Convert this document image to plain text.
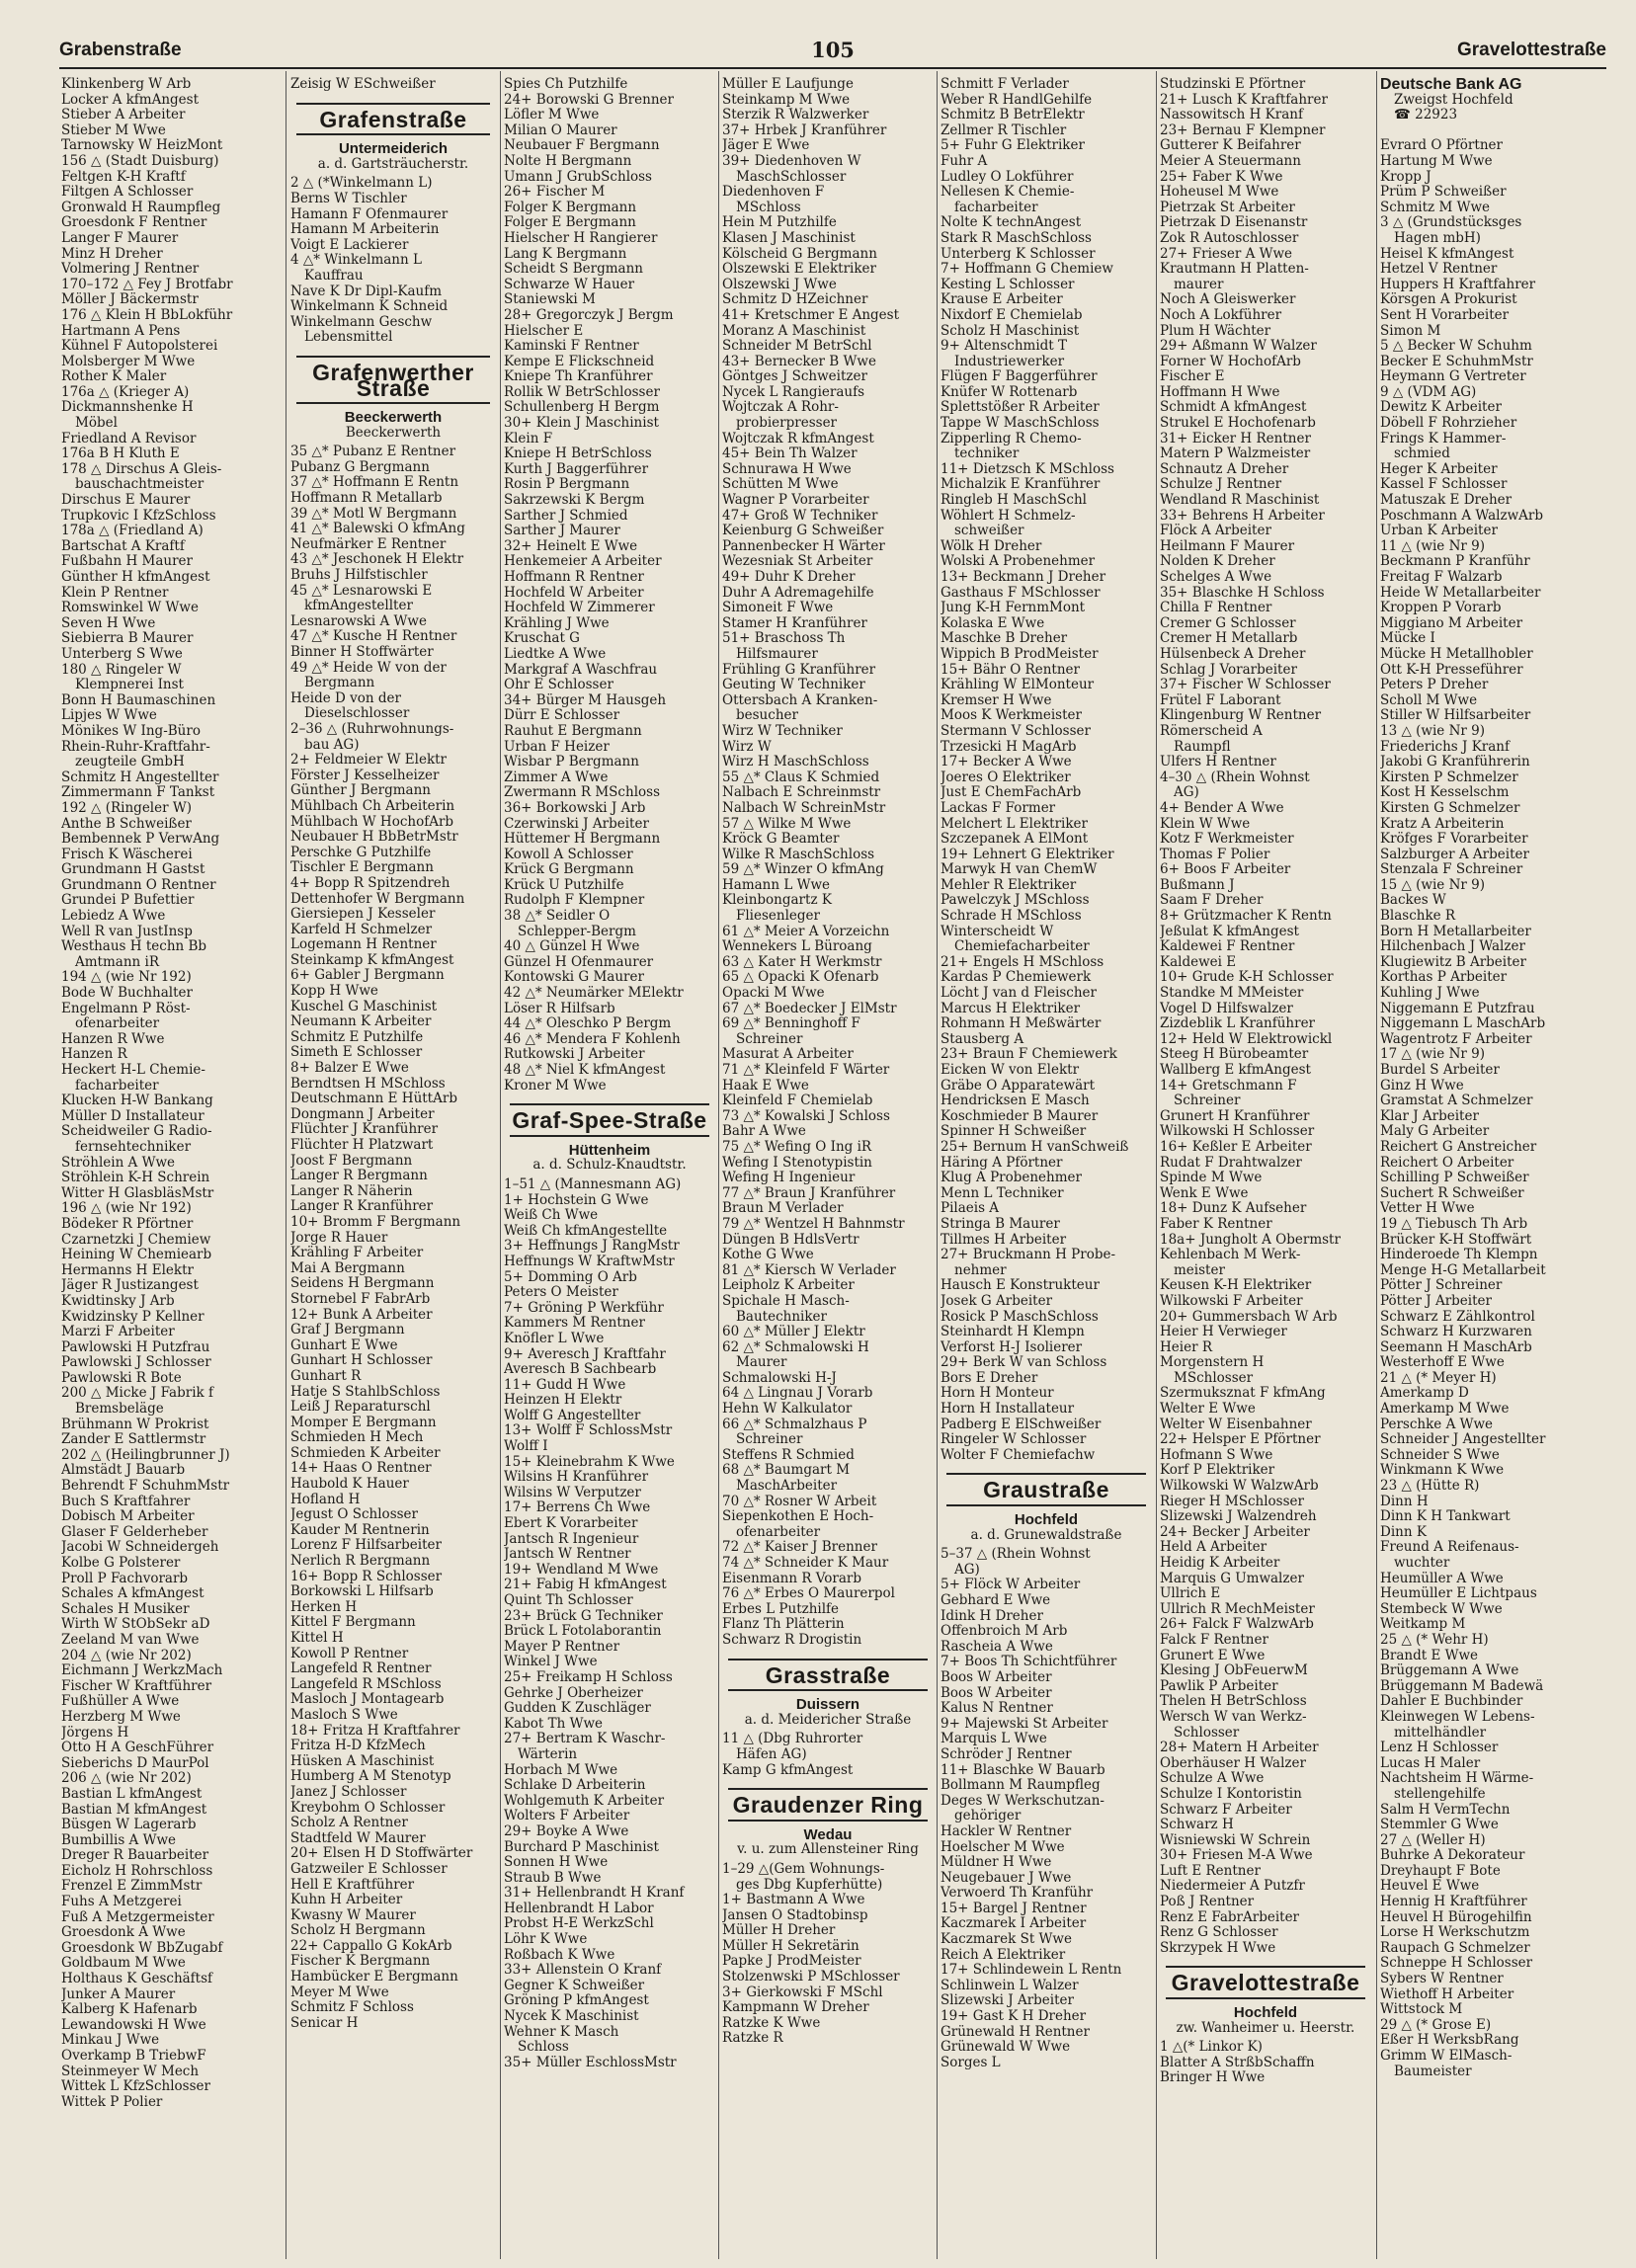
Grabenstraße	105	Gravelottestraße
Klinkenberg W Arb
Locker A kfmAngest
Stieber A Arbeiter
Stieber M Wwe
Tarnowsky W HeizMont
156 △ (Stadt Duisburg)
Feltgen K-H Kraftf
Filtgen A Schlosser
Gronwald H Raumpfleg
Groesdonk F Rentner
Langer F Maurer
Minz H Dreher
Volmering J Rentner
170–172 △ Fey J Brotfabr
Möller J Bäckermstr
176 △ Klein H BbLokführ
Hartmann A Pens
Kühnel F Autopolsterei
Molsberger M Wwe
Rother K Maler
176a △ (Krieger A)
Dickmannshenke H
Möbel
Friedland A Revisor
176a B H Kluth E
178 △ Dirschus A Gleis-
bauschachtmeister
Dirschus E Maurer
Trupkovic I KfzSchloss
178a △ (Friedland A)
Bartschat A Kraftf
Fußbahn H Maurer
Günther H kfmAngest
Klein P Rentner
Romswinkel W Wwe
Seven H Wwe
Siebierra B Maurer
Unterberg S Wwe
180 △ Ringeler W
Klempnerei Inst
Bonn H Baumaschinen
Lipjes W Wwe
Mönikes W Ing-Büro
Rhein-Ruhr-Kraftfahr-
zeugteile GmbH
Schmitz H Angestellter
Zimmermann F Tankst
192 △ (Ringeler W)
Anthe B Schweißer
Bembennek P VerwAng
Frisch K Wäscherei
Grundmann H Gastst
Grundmann O Rentner
Grundei P Bufettier
Lebiedz A Wwe
Well R van JustInsp
Westhaus H techn Bb
Amtmann iR
194 △ (wie Nr 192)
Bode W Buchhalter
Engelmann P Röst-
ofenarbeiter
Hanzen R Wwe
Hanzen R
Heckert H-L Chemie-
facharbeiter
Klucken H-W Bankang
Müller D Installateur
Scheidweiler G Radio-
fernsehtechniker
Ströhlein A Wwe
Ströhlein K-H Schrein
Witter H GlasbläsMstr
196 △ (wie Nr 192)
Bödeker R Pförtner
Czarnetzki J Chemiew
Heining W Chemiearb
Hermanns H Elektr
Jäger R Justizangest
Kwidtinsky J Arb
Kwidzinsky P Kellner
Marzi F Arbeiter
Pawlowski H Putzfrau
Pawlowski J Schlosser
Pawlowski R Bote
200 △ Micke J Fabrik f
Bremsbeläge
Brühmann W Prokrist
Zander E Sattlermstr
202 △ (Heilingbrunner J)
Almstädt J Bauarb
Behrendt F SchuhmMstr
Buch S Kraftfahrer
Dobisch M Arbeiter
Glaser F Gelderheber
Jacobi W Schneidergeh
Kolbe G Polsterer
Proll P Fachvorarb
Schales A kfmAngest
Schales H Musiker
Wirth W StObSekr aD
Zeeland M van Wwe
204 △ (wie Nr 202)
Eichmann J WerkzMach
Fischer W Kraftführer
Fußhüller A Wwe
Herzberg M Wwe
Jörgens H
Otto H A GeschFührer
Sieberichs D MaurPol
206 △ (wie Nr 202)
Bastian L kfmAngest
Bastian M kfmAngest
Büsgen W Lagerarb
Bumbillis A Wwe
Dreger R Bauarbeiter
Eicholz H Rohrschloss
Frenzel E ZimmMstr
Fuhs A Metzgerei
Fuß A Metzgermeister
Groesdonk A Wwe
Groesdonk W BbZugabf
Goldbaum M Wwe
Holthaus K Geschäftsf
Junker A Maurer
Kalberg K Hafenarb
Lewandowski H Wwe
Minkau J Wwe
Overkamp B TriebwF
Steinmeyer W Mech
Wittek L KfzSchlosser
Wittek P Polier
Zeisig W ESchweißer
Grafenstraße
Untermeiderich
a. d. Gartsträucherstr.
2 △ (*Winkelmann L)
Berns W Tischler
Hamann F Ofenmaurer
Hamann M Arbeiterin
Voigt E Lackierer
4 △* Winkelmann L
Kauffrau
Nave K Dr Dipl-Kaufm
Winkelmann K Schneid
Winkelmann Geschw
Lebensmittel
Grafenwerther Straße
Beeckerwerth
Beeckerwerth
35 △* Pubanz E Rentner
Pubanz G Bergmann
37 △* Hoffmann E Rentn
Hoffmann R Metallarb
39 △* Motl W Bergmann
41 △* Balewski O kfmAng
Neufmärker E Rentner
43 △* Jeschonek H Elektr
Bruhs J Hilfstischler
45 △* Lesnarowski E
kfmAngestellter
Lesnarowski A Wwe
47 △* Kusche H Rentner
Binner H Stoffwärter
49 △* Heide W von der
Bergmann
Heide D von der
Dieselschlosser
2–36 △ (Ruhrwohnungs-
bau AG)
2+ Feldmeier W Elektr
Förster J Kesselheizer
Günther J Bergmann
Mühlbach Ch Arbeiterin
Mühlbach W HochofArb
Neubauer H BbBetrMstr
Perschke G Putzhilfe
Tischler E Bergmann
4+ Bopp R Spitzendreh
Dettenhofer W Bergmann
Giersiepen J Kesseler
Karfeld H Schmelzer
Logemann H Rentner
Steinkamp K kfmAngest
6+ Gabler J Bergmann
Kopp H Wwe
Kuschel G Maschinist
Neumann K Arbeiter
Schmitz E Putzhilfe
Simeth E Schlosser
8+ Balzer E Wwe
Berndtsen H MSchloss
Deutschmann E HüttArb
Dongmann J Arbeiter
Flüchter J Kranführer
Flüchter H Platzwart
Joost F Bergmann
Langer R Bergmann
Langer R Näherin
Langer R Kranführer
10+ Bromm F Bergmann
Jorge R Hauer
Krähling F Arbeiter
Mai A Bergmann
Seidens H Bergmann
Stornebel F FabrArb
12+ Bunk A Arbeiter
Graf J Bergmann
Gunhart E Wwe
Gunhart H Schlosser
Gunhart R
Hatje S StahlbSchloss
Leiß J Reparaturschl
Momper E Bergmann
Schmieden H Mech
Schmieden K Arbeiter
14+ Haas O Rentner
Haubold K Hauer
Hofland H
Jegust O Schlosser
Kauder M Rentnerin
Lorenz F Hilfsarbeiter
Nerlich R Bergmann
16+ Bopp R Schlosser
Borkowski L Hilfsarb
Herken H
Kittel F Bergmann
Kittel H
Kowoll P Rentner
Langefeld R Rentner
Langefeld R MSchloss
Masloch J Montagearb
Masloch S Wwe
18+ Fritza H Kraftfahrer
Fritza H-D KfzMech
Hüsken A Maschinist
Humberg A M Stenotyp
Janez J Schlosser
Kreybohm O Schlosser
Scholz A Rentner
Stadtfeld W Maurer
20+ Elsen H D Stoffwärter
Gatzweiler E Schlosser
Hell E Kraftführer
Kuhn H Arbeiter
Kwasny W Maurer
Scholz H Bergmann
22+ Cappallo G KokArb
Fischer K Bergmann
Hambücker E Bergmann
Meyer M Wwe
Schmitz F Schloss
Senicar H
Spies Ch Putzhilfe
24+ Borowski G Brenner
Löfler M Wwe
Milian O Maurer
Neubauer F Bergmann
Nolte H Bergmann
Umann J GrubSchloss
26+ Fischer M
Folger K Bergmann
Folger E Bergmann
Hielscher H Rangierer
Lang K Bergmann
Scheidt S Bergmann
Schwarze W Hauer
Staniewski M
28+ Gregorczyk J Bergm
Hielscher E
Kaminski F Rentner
Kempe E Flickschneid
Kniepe Th Kranführer
Rollik W BetrSchlosser
Schullenberg H Bergm
30+ Klein J Maschinist
Klein F
Kniepe H BetrSchloss
Kurth J Baggerführer
Rosin P Bergmann
Sakrzewski K Bergm
Sarther J Schmied
Sarther J Maurer
32+ Heinelt E Wwe
Henkemeier A Arbeiter
Hoffmann R Rentner
Hochfeld W Arbeiter
Hochfeld W Zimmerer
Krähling J Wwe
Kruschat G
Liedtke A Wwe
Markgraf A Waschfrau
Ohr E Schlosser
34+ Bürger M Hausgeh
Dürr E Schlosser
Rauhut E Bergmann
Urban F Heizer
Wisbar P Bergmann
Zimmer A Wwe
Zwermann R MSchloss
36+ Borkowski J Arb
Czerwinski J Arbeiter
Hüttemer H Bergmann
Kowoll A Schlosser
Krück G Bergmann
Krück U Putzhilfe
Rudolph F Klempner
38 △* Seidler O
Schlepper-Bergm
40 △ Günzel H Wwe
Günzel H Ofenmaurer
Kontowski G Maurer
42 △* Neumärker MElektr
Löser R Hilfsarb
44 △* Oleschko P Bergm
46 △* Mendera F Kohlenh
Rutkowski J Arbeiter
48 △* Niel K kfmAngest
Kroner M Wwe
Graf-Spee-Straße
Hüttenheim
a. d. Schulz-Knaudtstr.
1–51 △ (Mannesmann AG)
1+ Hochstein G Wwe
Weiß Ch Wwe
Weiß Ch kfmAngestellte
3+ Heffnungs J RangMstr
Heffnungs W KraftwMstr
5+ Domming O Arb
Peters O Meister
7+ Gröning P Werkführ
Kammers M Rentner
Knöfler L Wwe
9+ Averesch J Kraftfahr
Averesch B Sachbearb
11+ Gudd H Wwe
Heinzen H Elektr
Wolff G Angestellter
13+ Wolff F SchlossMstr
Wolff I
15+ Kleinebrahm K Wwe
Wilsins H Kranführer
Wilsins W Verputzer
17+ Berrens Ch Wwe
Ebert K Vorarbeiter
Jantsch R Ingenieur
Jantsch W Rentner
19+ Wendland M Wwe
21+ Fabig H kfmAngest
Quint Th Schlosser
23+ Brück G Techniker
Brück L Fotolaborantin
Mayer P Rentner
Winkel J Wwe
25+ Freikamp H Schloss
Gehrke J Oberheizer
Gudden K Zuschläger
Kabot Th Wwe
27+ Bertram K Waschr-
Wärterin
Horbach M Wwe
Schlake D Arbeiterin
Wohlgemuth K Arbeiter
Wolters F Arbeiter
29+ Boyke A Wwe
Burchard P Maschinist
Sonnen H Wwe
Straub B Wwe
31+ Hellenbrandt H Kranf
Hellenbrandt H Labor
Probst H-E WerkzSchl
Löhr K Wwe
Roßbach K Wwe
33+ Allenstein O Kranf
Gegner K Schweißer
Gröning P kfmAngest
Nycek K Maschinist
Wehner K Masch
Schloss
35+ Müller EschlossMstr
Müller E Laufjunge
Steinkamp M Wwe
Sterzik R Walzwerker
37+ Hrbek J Kranführer
Jäger E Wwe
39+ Diedenhoven W
MaschSchlosser
Diedenhoven F
MSchloss
Hein M Putzhilfe
Klasen J Maschinist
Kölscheid G Bergmann
Olszewski E Elektriker
Olszewski J Wwe
Schmitz D HZeichner
41+ Kretschmer E Angest
Moranz A Maschinist
Schneider M BetrSchl
43+ Bernecker B Wwe
Göntges J Schweitzer
Nycek L Rangieraufs
Wojtczak A Rohr-
probierpresser
Wojtczak R kfmAngest
45+ Bein Th Walzer
Schnurawa H Wwe
Schütten M Wwe
Wagner P Vorarbeiter
47+ Groß W Techniker
Keienburg G Schweißer
Pannenbecker H Wärter
Wezesniak St Arbeiter
49+ Duhr K Dreher
Duhr A Adremagehilfe
Simoneit F Wwe
Stamer H Kranführer
51+ Braschoss Th
Hilfsmaurer
Frühling G Kranführer
Geuting W Techniker
Ottersbach A Kranken-
besucher
Wirz W Techniker
Wirz W
Wirz H MaschSchloss
55 △* Claus K Schmied
Nalbach E Schreinmstr
Nalbach W SchreinMstr
57 △ Wilke M Wwe
Kröck G Beamter
Wilke R MaschSchloss
59 △* Winzer O kfmAng
Hamann L Wwe
Kleinbongartz K
Fliesenleger
61 △* Meier A Vorzeichn
Wennekers L Büroang
63 △ Kater H Werkmstr
65 △ Opacki K Ofenarb
Opacki M Wwe
67 △* Boedecker J ElMstr
69 △* Benninghoff F
Schreiner
Masurat A Arbeiter
71 △* Kleinfeld F Wärter
Haak E Wwe
Kleinfeld F Chemielab
73 △* Kowalski J Schloss
Bahr A Wwe
75 △* Wefing O Ing iR
Wefing I Stenotypistin
Wefing H Ingenieur
77 △* Braun J Kranführer
Braun M Verlader
79 △* Wentzel H Bahnmstr
Düngen B HdlsVertr
Kothe G Wwe
81 △* Kiersch W Verlader
Leipholz K Arbeiter
Spichale H Masch-
Bautechniker
60 △* Müller J Elektr
62 △* Schmalowski H
Maurer
Schmalowski H-J
64 △ Lingnau J Vorarb
Hehn W Kalkulator
66 △* Schmalzhaus P
Schreiner
Steffens R Schmied
68 △* Baumgart M
MaschArbeiter
70 △* Rosner W Arbeit
Siepenkothen E Hoch-
ofenarbeiter
72 △* Kaiser J Brenner
74 △* Schneider K Maur
Eisenmann R Vorarb
76 △* Erbes O Maurerpol
Erbes L Putzhilfe
Flanz Th Plätterin
Schwarz R Drogistin
Grasstraße
Duissern
a. d. Meidericher Straße
11 △ (Dbg Ruhrorter
Häfen AG)
Kamp G kfmAngest
Graudenzer Ring
Wedau
v. u. zum Allensteiner Ring
1–29 △(Gem Wohnungs-
ges Dbg Kupferhütte)
1+ Bastmann A Wwe
Jansen O Stadtobinsp
Müller H Dreher
Müller H Sekretärin
Papke J ProdMeister
Stolzenwski P MSchlosser
3+ Gierkowski F MSchl
Kampmann W Dreher
Ratzke K Wwe
Ratzke R
Schmitt F Verlader
Weber R HandlGehilfe
Schmitz B BetrElektr
Zellmer R Tischler
5+ Fuhr G Elektriker
Fuhr A
Ludley O Lokführer
Nellesen K Chemie-
facharbeiter
Nolte K technAngest
Stark R MaschSchloss
Unterberg K Schlosser
7+ Hoffmann G Chemiew
Kesting L Schlosser
Krause E Arbeiter
Nixdorf E Chemielab
Scholz H Maschinist
9+ Altenschmidt T
Industriewerker
Flügen F Baggerführer
Knüfer W Rottenarb
Splettstößer R Arbeiter
Tappe W MaschSchloss
Zipperling R Chemo-
techniker
11+ Dietzsch K MSchloss
Michalzik E Kranführer
Ringleb H MaschSchl
Wöhlert H Schmelz-
schweißer
Wölk H Dreher
Wolski A Probenehmer
13+ Beckmann J Dreher
Gasthaus F MSchlosser
Jung K-H FernmMont
Kolaska E Wwe
Maschke B Dreher
Wippich B ProdMeister
15+ Bähr O Rentner
Krähling W ElMonteur
Kremser H Wwe
Moos K Werkmeister
Stermann V Schlosser
Trzesicki H MagArb
17+ Becker A Wwe
Joeres O Elektriker
Just E ChemFachArb
Lackas F Former
Melchert L Elektriker
Szczepanek A ElMont
19+ Lehnert G Elektriker
Marwyk H van ChemW
Mehler R Elektriker
Pawelczyk J MSchloss
Schrade H MSchloss
Winterscheidt W
Chemiefacharbeiter
21+ Engels H MSchloss
Kardas P Chemiewerk
Löcht J van d Fleischer
Marcus H Elektriker
Rohmann H Meßwärter
Stausberg A
23+ Braun F Chemiewerk
Eicken W von Elektr
Gräbe O Apparatewärt
Hendricksen E Masch
Koschmieder B Maurer
Spinner H Schweißer
25+ Bernum H vanSchweiß
Häring A Pförtner
Klug A Probenehmer
Menn L Techniker
Pilaeis A
Stringa B Maurer
Tillmes H Arbeiter
27+ Bruckmann H Probe-
nehmer
Hausch E Konstrukteur
Josek G Arbeiter
Rosick P MaschSchloss
Steinhardt H Klempn
Verforst H-J Isolierer
29+ Berk W van Schloss
Bors E Dreher
Horn H Monteur
Horn H Installateur
Padberg E ElSchweißer
Ringeler W Schlosser
Wolter F Chemiefachw
Graustraße
Hochfeld
a. d. Grunewaldstraße
5–37 △ (Rhein Wohnst
AG)
5+ Flöck W Arbeiter
Gebhard E Wwe
Idink H Dreher
Offenbroich M Arb
Rascheia A Wwe
7+ Boos Th Schichtführer
Boos W Arbeiter
Boos W Arbeiter
Kalus N Rentner
9+ Majewski St Arbeiter
Marquis L Wwe
Schröder J Rentner
11+ Blaschke W Bauarb
Bollmann M Raumpfleg
Deges W Werkschutzan-
gehöriger
Hackler W Rentner
Hoelscher M Wwe
Müldner H Wwe
Neugebauer J Wwe
Verwoerd Th Kranführ
15+ Bargel J Rentner
Kaczmarek I Arbeiter
Kaczmarek St Wwe
Reich A Elektriker
17+ Schlindewein L Rentn
Schlinwein L Walzer
Slizewski J Arbeiter
19+ Gast K H Dreher
Grünewald H Rentner
Grünewald W Wwe
Sorges L
Studzinski E Pförtner
21+ Lusch K Kraftfahrer
Nassowitsch H Kranf
23+ Bernau F Klempner
Gutterer K Beifahrer
Meier A Steuermann
25+ Faber K Wwe
Hoheusel M Wwe
Pietrzak St Arbeiter
Pietrzak D Eisenanstr
Zok R Autoschlosser
27+ Frieser A Wwe
Krautmann H Platten-
maurer
Noch A Gleiswerker
Noch A Lokführer
Plum H Wächter
29+ Aßmann W Walzer
Forner W HochofArb
Fischer E
Hoffmann H Wwe
Schmidt A kfmAngest
Strukel E Hochofenarb
31+ Eicker H Rentner
Matern P Walzmeister
Schnautz A Dreher
Schulze J Rentner
Wendland R Maschinist
33+ Behrens H Arbeiter
Flöck A Arbeiter
Heilmann F Maurer
Nolden K Dreher
Schelges A Wwe
35+ Blaschke H Schloss
Chilla F Rentner
Cremer G Schlosser
Cremer H Metallarb
Hülsenbeck A Dreher
Schlag J Vorarbeiter
37+ Fischer W Schlosser
Frütel F Laborant
Klingenburg W Rentner
Römerscheid A
Raumpfl
Ulfers H Rentner
4–30 △ (Rhein Wohnst
AG)
4+ Bender A Wwe
Klein W Wwe
Kotz F Werkmeister
Thomas F Polier
6+ Boos F Arbeiter
Bußmann J
Saam F Dreher
8+ Grützmacher K Rentn
Jeßulat K kfmAngest
Kaldewei F Rentner
Kaldewei E
10+ Grude K-H Schlosser
Standke M MMeister
Vogel D Hilfswalzer
Zizdeblik L Kranführer
12+ Held W Elektrowickl
Steeg H Bürobeamter
Wallberg E kfmAngest
14+ Gretschmann F
Schreiner
Grunert H Kranführer
Wilkowski H Schlosser
16+ Keßler E Arbeiter
Rudat F Drahtwalzer
Spinde M Wwe
Wenk E Wwe
18+ Dunz K Aufseher
Faber K Rentner
18a+ Jungholt A Obermstr
Kehlenbach M Werk-
meister
Keusen K-H Elektriker
Wilkowski F Arbeiter
20+ Gummersbach W Arb
Heier H Verwieger
Heier R
Morgenstern H
MSchlosser
Szermuksznat F kfmAng
Welter E Wwe
Welter W Eisenbahner
22+ Helsper E Pförtner
Hofmann S Wwe
Korf P Elektriker
Wilkowski W WalzwArb
Rieger H MSchlosser
Slizewski J Walzendreh
24+ Becker J Arbeiter
Held A Arbeiter
Heidig K Arbeiter
Marquis G Umwalzer
Ullrich E
Ullrich R MechMeister
26+ Falck F WalzwArb
Falck F Rentner
Grunert E Wwe
Klesing J ObFeuerwM
Pawlik P Arbeiter
Thelen H BetrSchloss
Wersch W van Werkz-
Schlosser
28+ Matern H Arbeiter
Oberhäuser H Walzer
Schulze A Wwe
Schulze I Kontoristin
Schwarz F Arbeiter
Schwarz H
Wisniewski W Schrein
30+ Friesen M-A Wwe
Luft E Rentner
Niedermeier A Putzfr
Poß J Rentner
Renz E FabrArbeiter
Renz G Schlosser
Skrzypek H Wwe
Gravelottestraße
Hochfeld
zw. Wanheimer u. Heerstr.
1 △(* Linkor K)
Blatter A StrßbSchaffn
Bringer H Wwe
Deutsche Bank AG
Zweigst Hochfeld
☎ 22923

Evrard O Pförtner
Hartung M Wwe
Kropp J
Prüm P Schweißer
Schmitz M Wwe
3 △ (Grundstücksges
Hagen mbH)
Heisel K kfmAngest
Hetzel V Rentner
Huppers H Kraftfahrer
Körsgen A Prokurist
Sent H Vorarbeiter
Simon M
5 △ Becker W Schuhm
Becker E SchuhmMstr
Heymann G Vertreter
9 △ (VDM AG)
Dewitz K Arbeiter
Döbell F Rohrzieher
Frings K Hammer-
schmied
Heger K Arbeiter
Kassel F Schlosser
Matuszak E Dreher
Poschmann A WalzwArb
Urban K Arbeiter
11 △ (wie Nr 9)
Beckmann P Kranführ
Freitag F Walzarb
Heide W Metallarbeiter
Kroppen P Vorarb
Miggiano M Arbeiter
Mücke I
Mücke H Metallhobler
Ott K-H Presseführer
Peters P Dreher
Scholl M Wwe
Stiller W Hilfsarbeiter
13 △ (wie Nr 9)
Friederichs J Kranf
Jakobi G Kranführerin
Kirsten P Schmelzer
Kost H Kesselschm
Kirsten G Schmelzer
Kratz A Arbeiterin
Kröfges F Vorarbeiter
Salzburger A Arbeiter
Stenzala F Schreiner
15 △ (wie Nr 9)
Backes W
Blaschke R
Born H Metallarbeiter
Hilchenbach J Walzer
Klugiewitz B Arbeiter
Korthas P Arbeiter
Kuhling J Wwe
Niggemann E Putzfrau
Niggemann L MaschArb
Wagentrotz F Arbeiter
17 △ (wie Nr 9)
Burdel S Arbeiter
Ginz H Wwe
Gramstat A Schmelzer
Klar J Arbeiter
Maly G Arbeiter
Reichert G Anstreicher
Reichert O Arbeiter
Schilling P Schweißer
Suchert R Schweißer
Vetter H Wwe
19 △ Tiebusch Th Arb
Brücker K-H Stoffwärt
Hinderoede Th Klempn
Menge H-G Metallarbeit
Pötter J Schreiner
Pötter J Arbeiter
Schwarz E Zählkontrol
Schwarz H Kurzwaren
Seemann H MaschArb
Westerhoff E Wwe
21 △ (* Meyer H)
Amerkamp D
Amerkamp M Wwe
Perschke A Wwe
Schneider J Angestellter
Schneider S Wwe
Winkmann K Wwe
23 △ (Hütte R)
Dinn H
Dinn K H Tankwart
Dinn K
Freund A Reifenaus-
wuchter
Heumüller A Wwe
Heumüller E Lichtpaus
Stembeck W Wwe
Weitkamp M
25 △ (* Wehr H)
Brandt E Wwe
Brüggemann A Wwe
Brüggemann M Badewä
Dahler E Buchbinder
Kleinwegen W Lebens-
mittelhändler
Lenz H Schlosser
Lucas H Maler
Nachtsheim H Wärme-
stellengehilfe
Salm H VermTechn
Stemmler G Wwe
27 △ (Weller H)
Buhrke A Dekorateur
Dreyhaupt F Bote
Heuvel E Wwe
Hennig H Kraftführer
Heuvel H Bürogehilfin
Lorse H Werkschutzm
Raupach G Schmelzer
Schneppe H Schlosser
Sybers W Rentner
Wiethoff H Arbeiter
Wittstock M
29 △ (* Grose E)
Eßer H WerksbRang
Grimm W ElMasch-
Baumeister
